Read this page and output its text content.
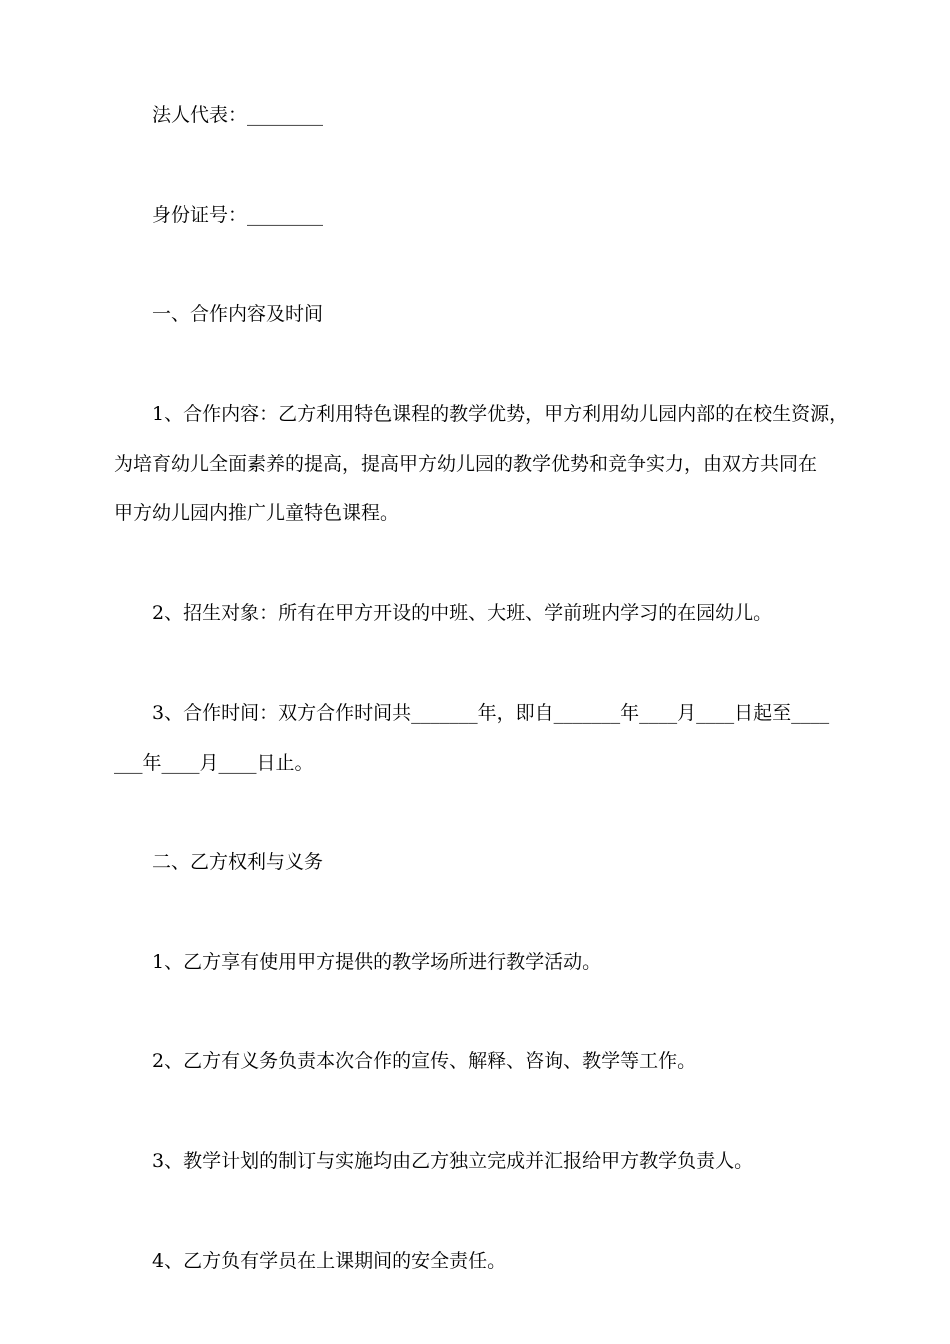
法人代表：________
身份证号：________
一、合作内容及时间
1、合作内容：乙方利用特色课程的教学优势，甲方利用幼儿园内部的在校生资源，
为培育幼儿全面素养的提高，提高甲方幼儿园的教学优势和竞争实力，由双方共同在
甲方幼儿园内推广儿童特色课程。
2、招生对象：所有在甲方开设的中班、大班、学前班内学习的在园幼儿。
3、合作时间：双方合作时间共_______年，即自_______年____月____日起至____
___年____月____日止。
二、乙方权利与义务
1、乙方享有使用甲方提供的教学场所进行教学活动。
2、乙方有义务负责本次合作的宣传、解释、咨询、教学等工作。
3、教学计划的制订与实施均由乙方独立完成并汇报给甲方教学负责人。
4、乙方负有学员在上课期间的安全责任。
